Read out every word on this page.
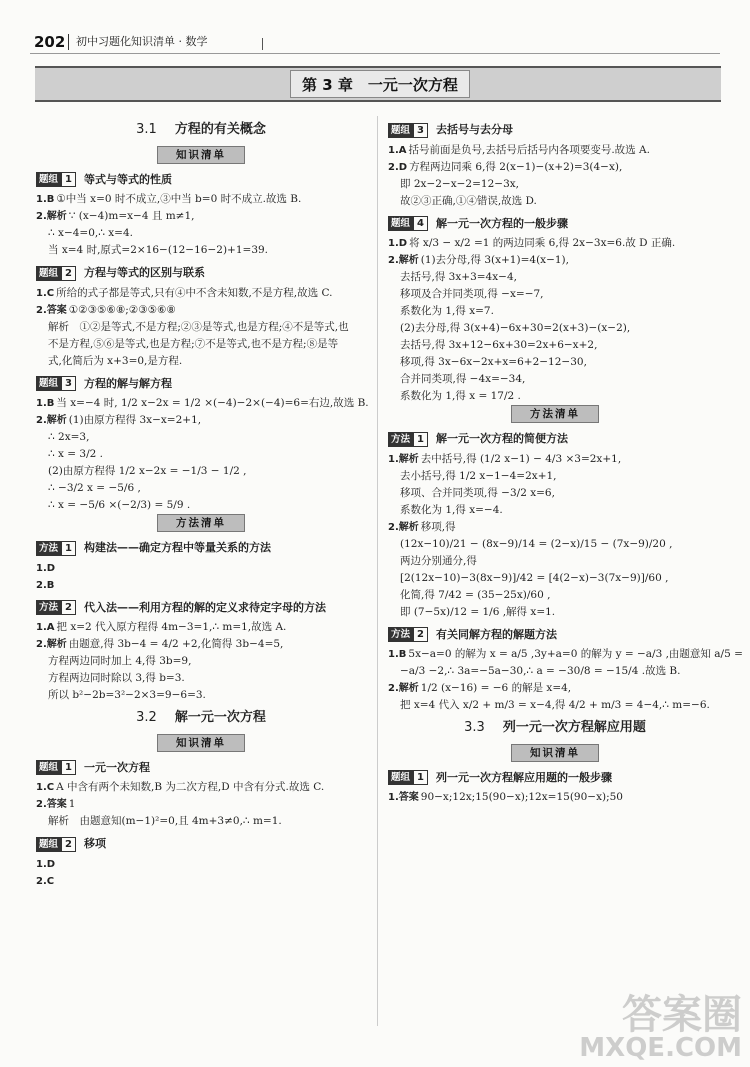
202 初中习题化知识清单 · 数学
第 3 章　一元一次方程
3.1 方程的有关概念
知识清单
题组 1	等式与等式的性质
1.B ①中当 x=0 时不成立,③中当 b=0 时不成立.故选 B.
2.解析 ∵ (x−4)m=x−4 且 m≠1,
∴ x−4=0,∴ x=4.
当 x=4 时,原式=2×16−(12−16−2)+1=39.
题组 2	方程与等式的区别与联系
1.C 所给的式子都是等式,只有④中不含未知数,不是方程,故选 C.
2.答案 ①②③⑤⑥⑧;②③⑤⑥⑧
解析　①②是等式,不是方程;②③是等式,也是方程;④不是等式,也
不是方程,⑤⑥是等式,也是方程;⑦不是等式,也不是方程;⑧是等
式,化简后为 x+3=0,是方程.
题组 3	方程的解与解方程
1.B 当 x=−4 时, 1/2 x−2x = 1/2 ×(−4)−2×(−4)=6=右边,故选 B.
2.解析 (1)由原方程得 3x−x=2+1,
∴ 2x=3,
∴ x = 3/2 .
(2)由原方程得 1/2 x−2x = −1/3 − 1/2 ,
∴ −3/2 x = −5/6 ,
∴ x = −5/6 ×(−2/3) = 5/9 .
方法清单
方法 1	构建法——确定方程中等量关系的方法
1.D
2.B
方法 2	代入法——利用方程的解的定义求待定字母的方法
1.A 把 x=2 代入原方程得 4m−3=1,∴ m=1,故选 A.
2.解析 由题意,得 3b−4 = 4/2 +2,化简得 3b−4=5,
方程两边同时加上 4,得 3b=9,
方程两边同时除以 3,得 b=3.
所以 b²−2b=3²−2×3=9−6=3.
3.2 解一元一次方程
知识清单
题组 1	一元一次方程
1.C A 中含有两个未知数,B 为二次方程,D 中含有分式.故选 C.
2.答案 1
解析　由题意知(m−1)²=0,且 4m+3≠0,∴ m=1.
题组 2	移项
1.D
2.C
题组 3	去括号与去分母
1.A 括号前面是负号,去括号后括号内各项要变号.故选 A.
2.D 方程两边同乘 6,得 2(x−1)−(x+2)=3(4−x),
即 2x−2−x−2=12−3x,
故②③正确,①④错误,故选 D.
题组 4	解一元一次方程的一般步骤
1.D 将 x/3 − x/2 =1 的两边同乘 6,得 2x−3x=6.故 D 正确.
2.解析 (1)去分母,得 3(x+1)=4(x−1),
去括号,得 3x+3=4x−4,
移项及合并同类项,得 −x=−7,
系数化为 1,得 x=7.
(2)去分母,得 3(x+4)−6x+30=2(x+3)−(x−2),
去括号,得 3x+12−6x+30=2x+6−x+2,
移项,得 3x−6x−2x+x=6+2−12−30,
合并同类项,得 −4x=−34,
系数化为 1,得 x = 17/2 .
方法清单
方法 1	解一元一次方程的简便方法
1.解析 去中括号,得 (1/2 x−1) − 4/3 ×3=2x+1,
去小括号,得 1/2 x−1−4=2x+1,
移项、合并同类项,得 −3/2 x=6,
系数化为 1,得 x=−4.
2.解析 移项,得
(12x−10)/21 − (8x−9)/14 = (2−x)/15 − (7x−9)/20 ,
两边分别通分,得
[2(12x−10)−3(8x−9)]/42 = [4(2−x)−3(7x−9)]/60 ,
化简,得 7/42 = (35−25x)/60 ,
即 (7−5x)/12 = 1/6 ,解得 x=1.
方法 2	有关同解方程的解题方法
1.B 5x−a=0 的解为 x = a/5 ,3y+a=0 的解为 y = −a/3 ,由题意知 a/5 =
−a/3 −2,∴ 3a=−5a−30,∴ a = −30/8 = −15/4 .故选 B.
2.解析 1/2 (x−16) = −6 的解是 x=4,
把 x=4 代入 x/2 + m/3 = x−4,得 4/2 + m/3 = 4−4,∴ m=−6.
3.3 列一元一次方程解应用题
知识清单
题组 1	列一元一次方程解应用题的一般步骤
1.答案 90−x;12x;15(90−x);12x=15(90−x);50
答案圈
MXQE.COM
